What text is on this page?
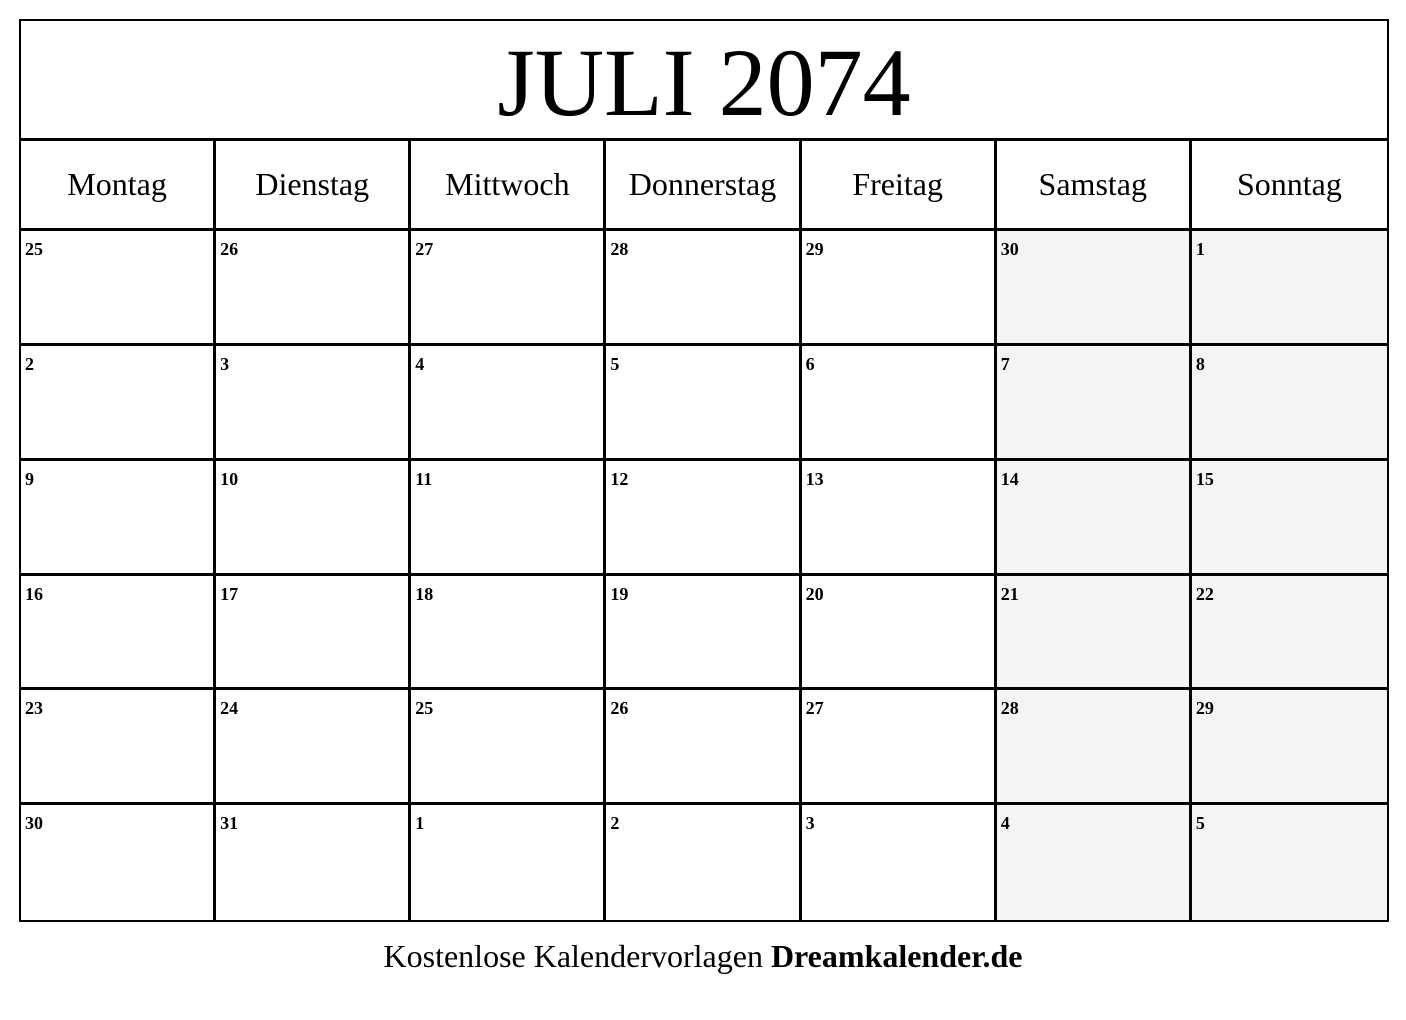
JULI 2074
Montag	Dienstag	Mittwoch	Donnerstag	Freitag	Samstag	Sonntag
25	26	27	28	29	30	1
2	3	4	5	6	7	8
9	10	11	12	13	14	15
16	17	18	19	20	21	22
23	24	25	26	27	28	29
30	31	1	2	3	4	5
Kostenlose Kalendervorlagen Dreamkalender.de
